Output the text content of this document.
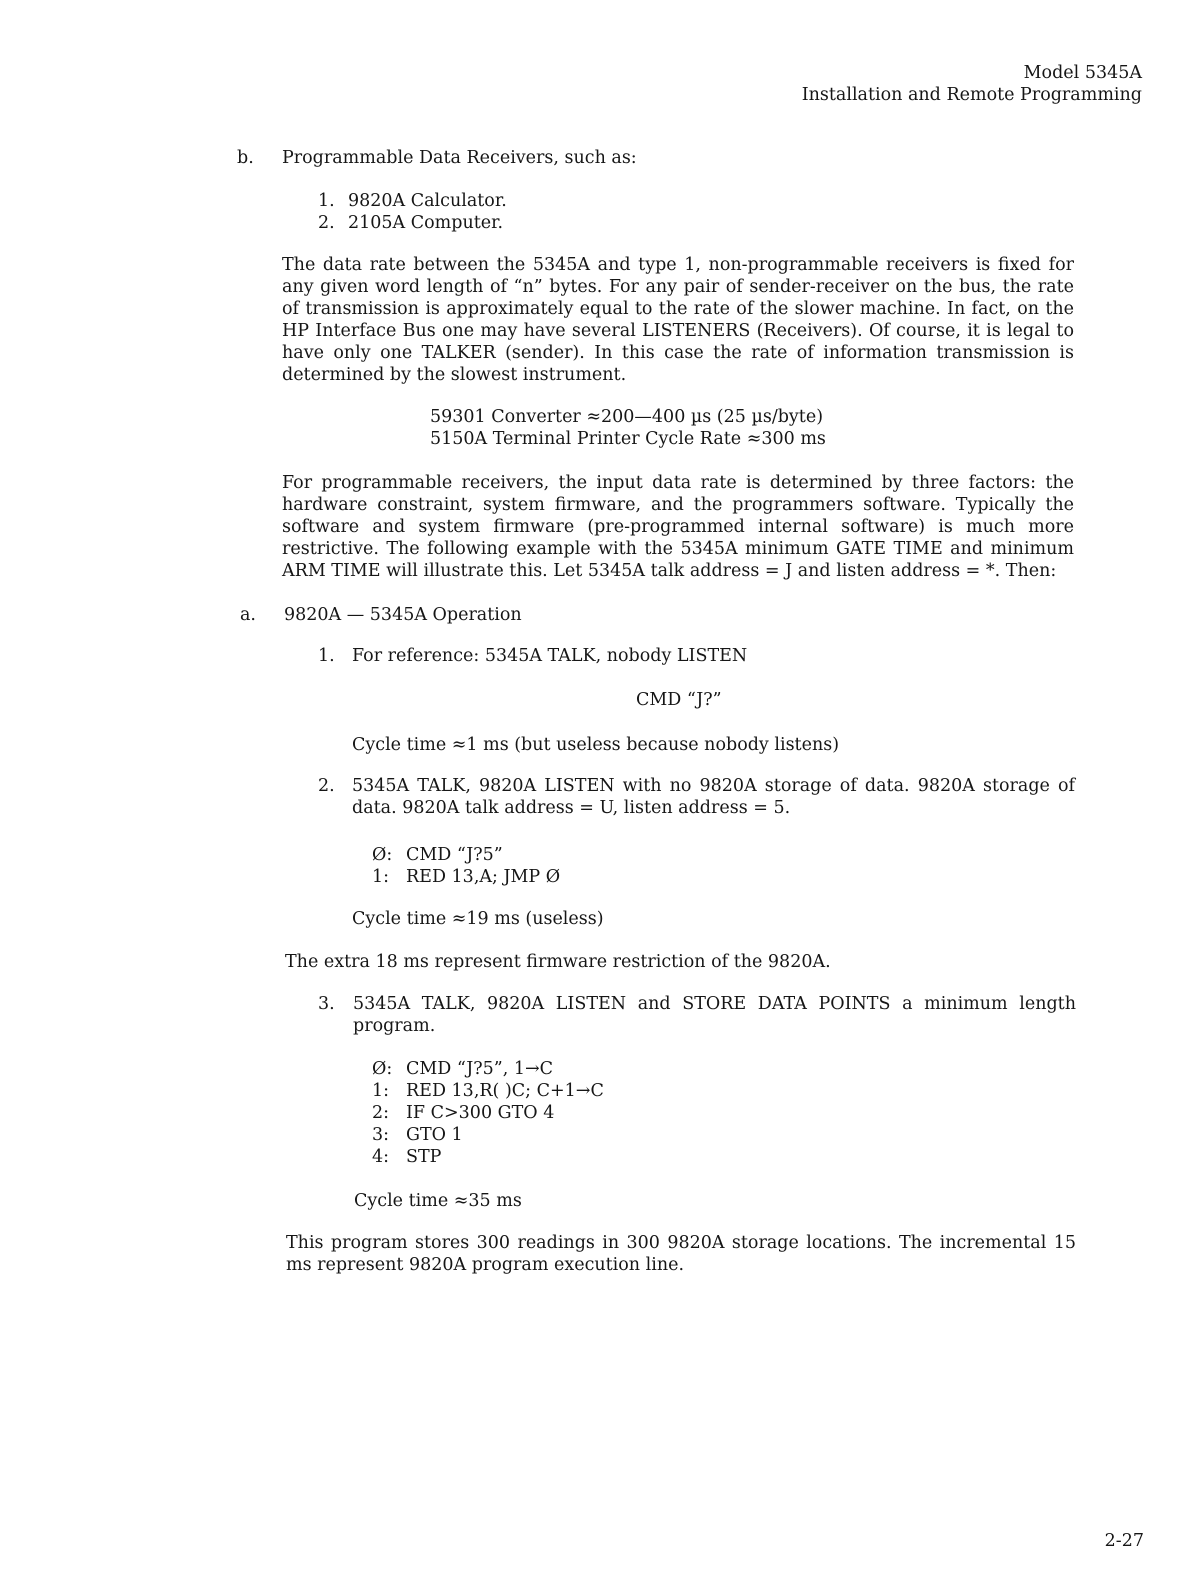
Model 5345A
Installation and Remote Programming
b. Programmable Data Receivers, such as:
1. 9820A Calculator.
2. 2105A Computer.

The data rate between the 5345A and type 1, non-programmable receivers is fixed for any given word length of “n” bytes. For any pair of sender-receiver on the bus, the rate of transmission is approximately equal to the rate of the slower machine. In fact, on the HP Interface Bus one may have several LISTENERS (Receivers). Of course, it is legal to have only one TALKER (sender). In this case the rate of information transmission is determined by the slowest instrument.

59301 Converter ≈200—400 µs (25 µs/byte)
5150A Terminal Printer Cycle Rate ≈300 ms

For programmable receivers, the input data rate is determined by three factors: the hardware constraint, system firmware, and the programmers software. Typically the software and system firmware (pre-programmed internal software) is much more restrictive. The following example with the 5345A minimum GATE TIME and minimum ARM TIME will illustrate this. Let 5345A talk address = J and listen address = *. Then:

a. 9820A — 5345A Operation
1. For reference: 5345A TALK, nobody LISTEN
CMD “J?”
Cycle time ≈1 ms (but useless because nobody listens)
2. 5345A TALK, 9820A LISTEN with no 9820A storage of data. 9820A storage of data. 9820A talk address = U, listen address = 5.

Ø: CMD “J?5”
1: RED 13,A; JMP Ø
Cycle time ≈19 ms (useless)
The extra 18 ms represent firmware restriction of the 9820A.
3. 5345A TALK, 9820A LISTEN and STORE DATA POINTS a minimum length program.

Ø: CMD “J?5”, 1→C
1: RED 13,R( )C; C+1→C
2: IF C>300 GTO 4
3: GTO 1
4: STP
Cycle time ≈35 ms

This program stores 300 readings in 300 9820A storage locations. The incremental 15 ms represent 9820A program execution line.

2-27
